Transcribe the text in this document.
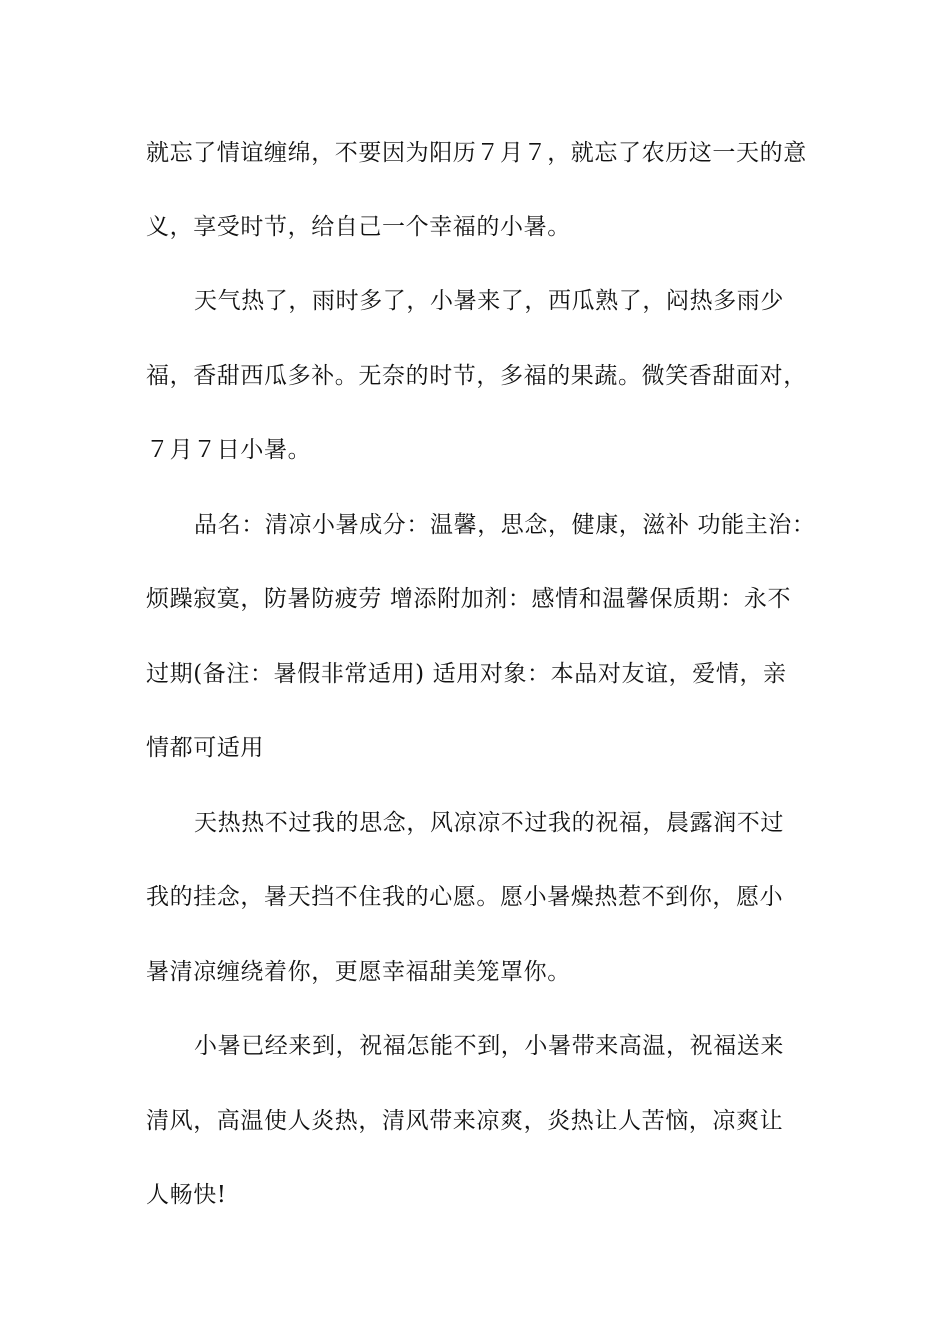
就忘了情谊缠绵，不要因为阳历７月７，就忘了农历这一天的意
义，享受时节，给自己一个幸福的小暑。
天气热了，雨时多了，小暑来了，西瓜熟了，闷热多雨少
福，香甜西瓜多补。无奈的时节，多福的果蔬。微笑香甜面对，
７月７日小暑。
品名：清凉小暑成分：温馨，思念，健康，滋补 功能主治：
烦躁寂寞，防暑防疲劳 增添附加剂：感情和温馨保质期：永不
过期(备注：暑假非常适用) 适用对象：本品对友谊，爱情，亲
情都可适用
天热热不过我的思念，风凉凉不过我的祝福，晨露润不过
我的挂念，暑天挡不住我的心愿。愿小暑燥热惹不到你，愿小
暑清凉缠绕着你，更愿幸福甜美笼罩你。
小暑已经来到，祝福怎能不到，小暑带来高温，祝福送来
清风，高温使人炎热，清风带来凉爽，炎热让人苦恼，凉爽让
人畅快!
